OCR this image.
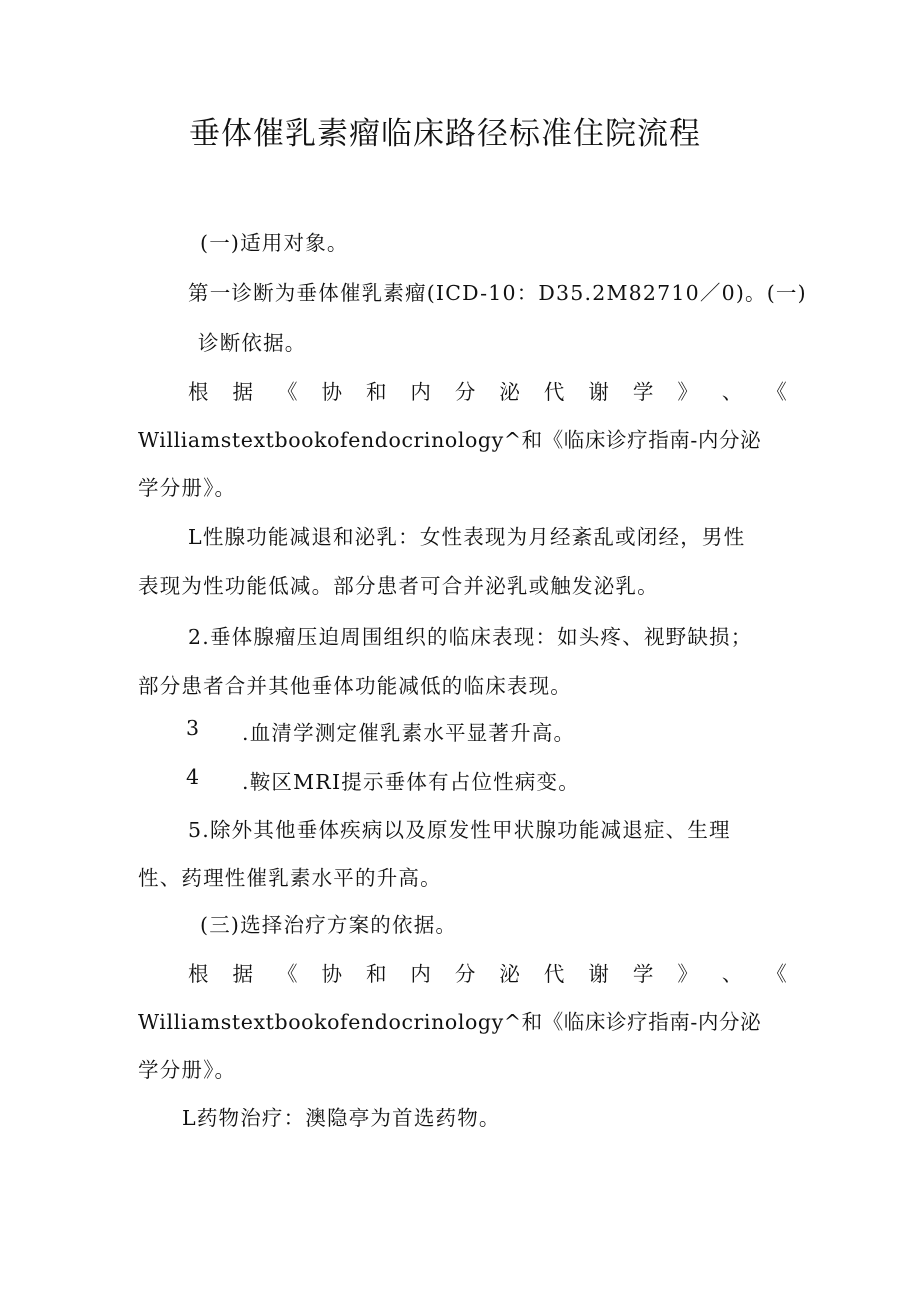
垂体催乳素瘤临床路径标准住院流程

(一)适用对象。

第一诊断为垂体催乳素瘤(ICD-10：D35.2M82710／0)。(一)

诊断依据。

根 据 《 协 和 内 分 泌 代 谢 学 》 、 《

Williamstextbookofendocrinology^和《临床诊疗指南-内分泌

学分册》。

L性腺功能减退和泌乳：女性表现为月经紊乱或闭经，男性

表现为性功能低减。部分患者可合并泌乳或触发泌乳。

2.垂体腺瘤压迫周围组织的临床表现：如头疼、视野缺损；

部分患者合并其他垂体功能减低的临床表现。

3 .血清学测定催乳素水平显著升高。

4 .鞍区MRI提示垂体有占位性病变。

5.除外其他垂体疾病以及原发性甲状腺功能减退症、生理

性、药理性催乳素水平的升高。

(三)选择治疗方案的依据。

根 据 《 协 和 内 分 泌 代 谢 学 》 、 《

Williamstextbookofendocrinology^和《临床诊疗指南-内分泌

学分册》。

L药物治疗：澳隐亭为首选药物。
